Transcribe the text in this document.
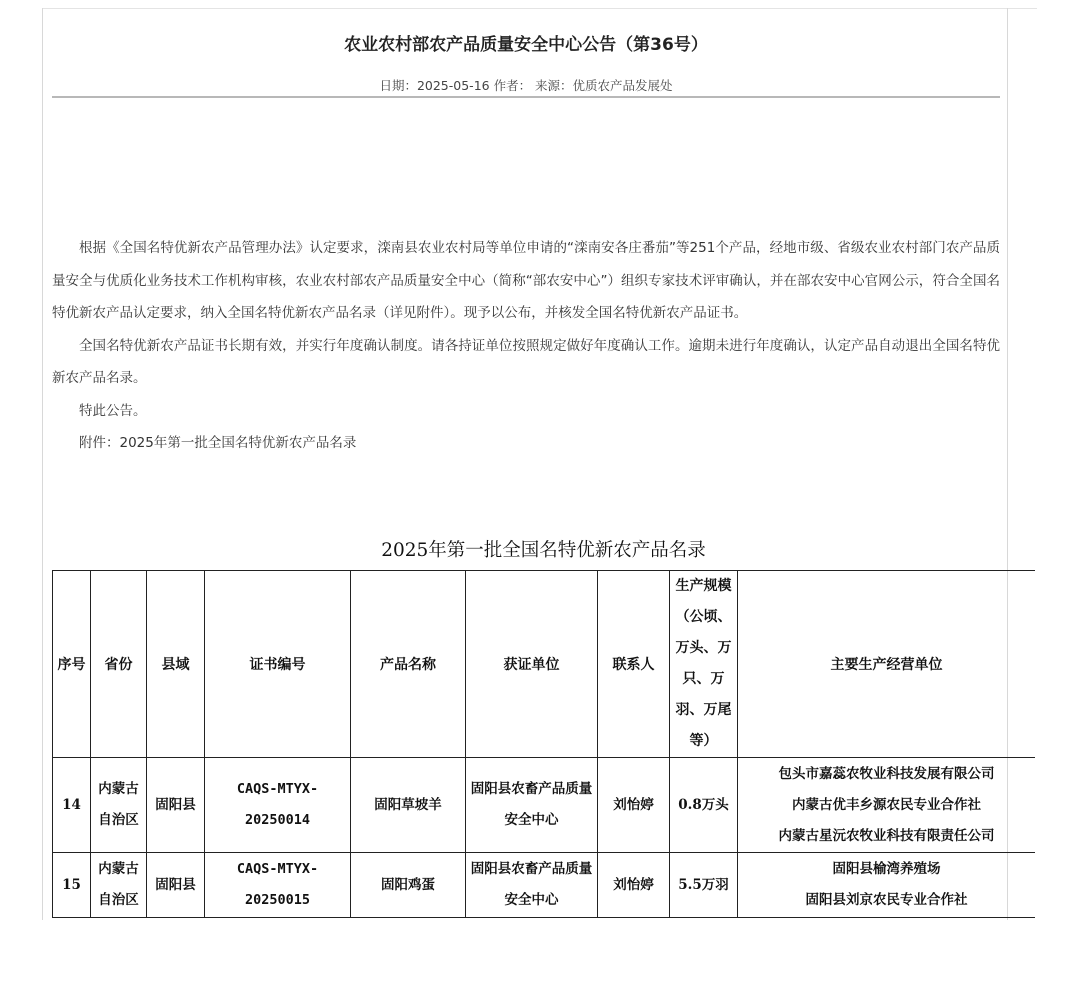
农业农村部农产品质量安全中心公告（第36号）
日期：2025-05-16 作者： 来源：优质农产品发展处

根据《全国名特优新农产品管理办法》认定要求，滦南县农业农村局等单位申请的“滦南安各庄番茄”等251个产品，经地市级、省级农业农村部门农产品质量安全与优质化业务技术工作机构审核，农业农村部农产品质量安全中心（简称“部农安中心”）组织专家技术评审确认，并在部农安中心官网公示，符合全国名特优新农产品认定要求，纳入全国名特优新农产品名录（详见附件）。现予以公布，并核发全国名特优新农产品证书。

全国名特优新农产品证书长期有效，并实行年度确认制度。请各持证单位按照规定做好年度确认工作。逾期未进行年度确认，认定产品自动退出全国名特优新农产品名录。

特此公告。

附件：2025年第一批全国名特优新农产品名录

2025年第一批全国名特优新农产品名录
序号	省份	县域	证书编号	产品名称	获证单位	联系人	生产规模（公顷、万头、万只、万羽、万尾等）	主要生产经营单位
14	内蒙古自治区	固阳县	CAQS-MTYX-20250014	固阳草坡羊	固阳县农畜产品质量安全中心	刘怡婷	0.8万头	包头市嘉蕊农牧业科技发展有限公司
内蒙古优丰乡源农民专业合作社
内蒙古星沅农牧业科技有限责任公司

15	内蒙古自治区	固阳县	CAQS-MTYX-20250015	固阳鸡蛋	固阳县农畜产品质量安全中心	刘怡婷	5.5万羽	固阳县榆湾养殖场
固阳县刘京农民专业合作社
